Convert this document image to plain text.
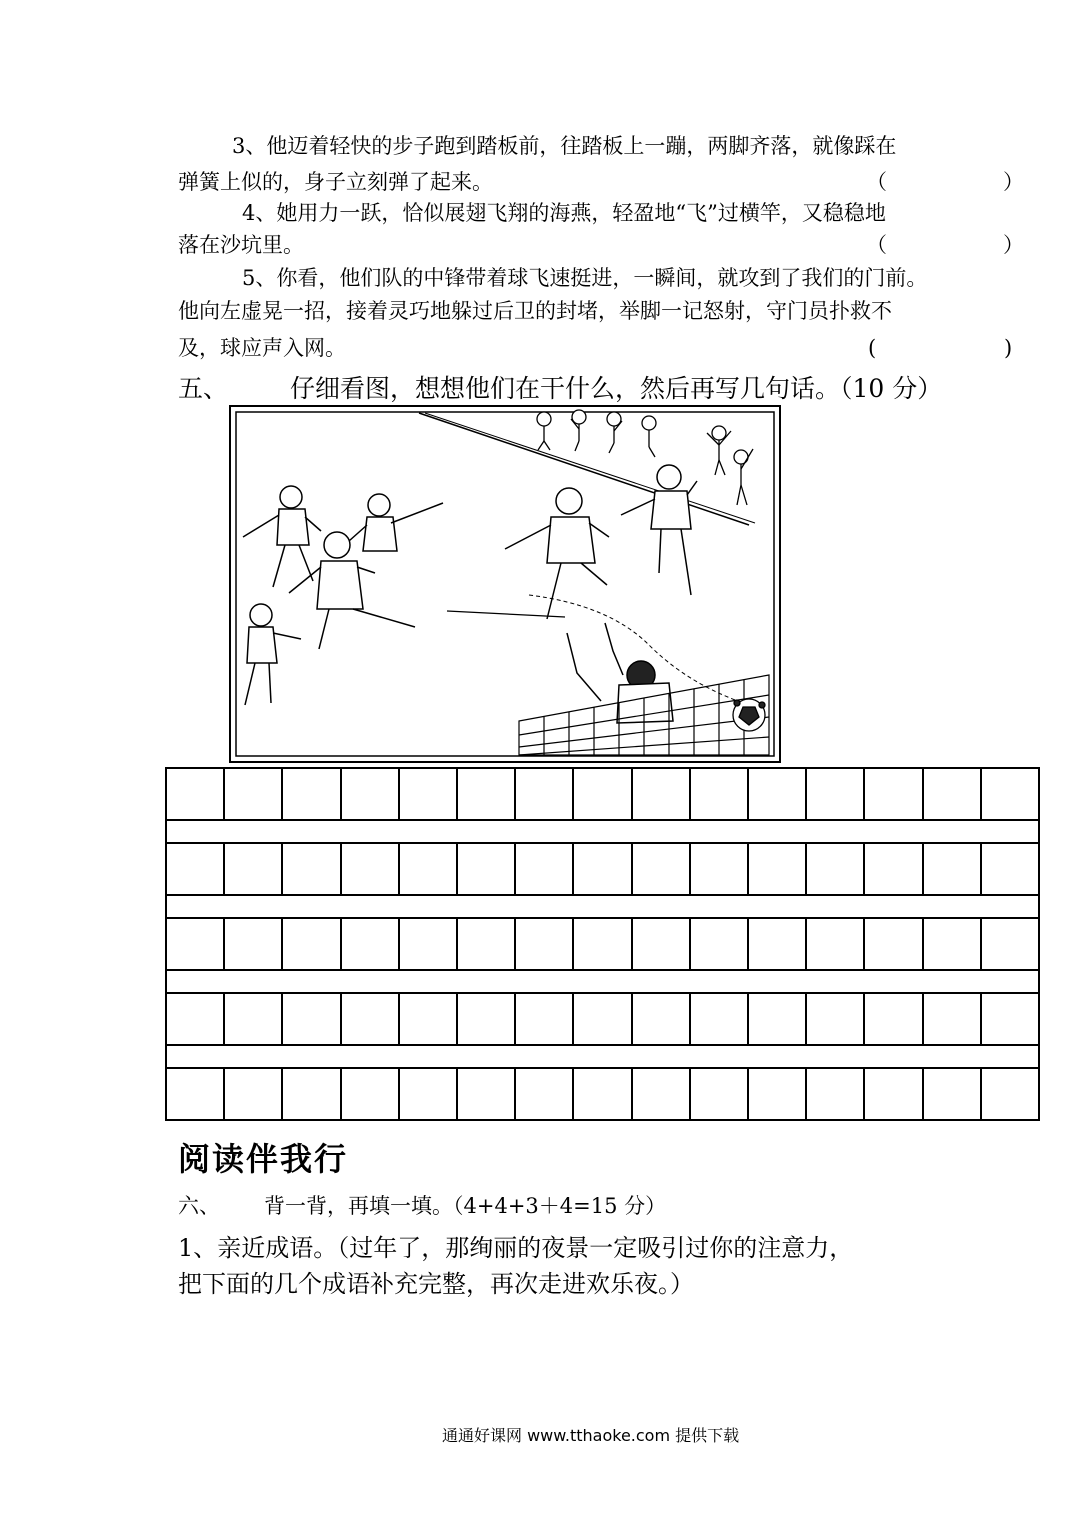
3、他迈着轻快的步子跑到踏板前，往踏板上一蹦，两脚齐落，就像踩在
弹簧上似的，身子立刻弹了起来。	（	）
4、她用力一跃，恰似展翅飞翔的海燕，轻盈地“飞”过横竿，又稳稳地
落在沙坑里。	（	）
5、你看，他们队的中锋带着球飞速挺进，一瞬间，就攻到了我们的门前。
他向左虚晃一招，接着灵巧地躲过后卫的封堵，举脚一记怒射，守门员扑救不
及，球应声入网。	(	)
五、 仔细看图，想想他们在干什么，然后再写几句话。（10 分）
阅读伴我行
六、 背一背，再填一填。（4+4+3＋4=15 分）
1、亲近成语。（过年了，那绚丽的夜景一定吸引过你的注意力，
把下面的几个成语补充完整，再次走进欢乐夜。）
通通好课网 www.tthaoke.com 提供下载
